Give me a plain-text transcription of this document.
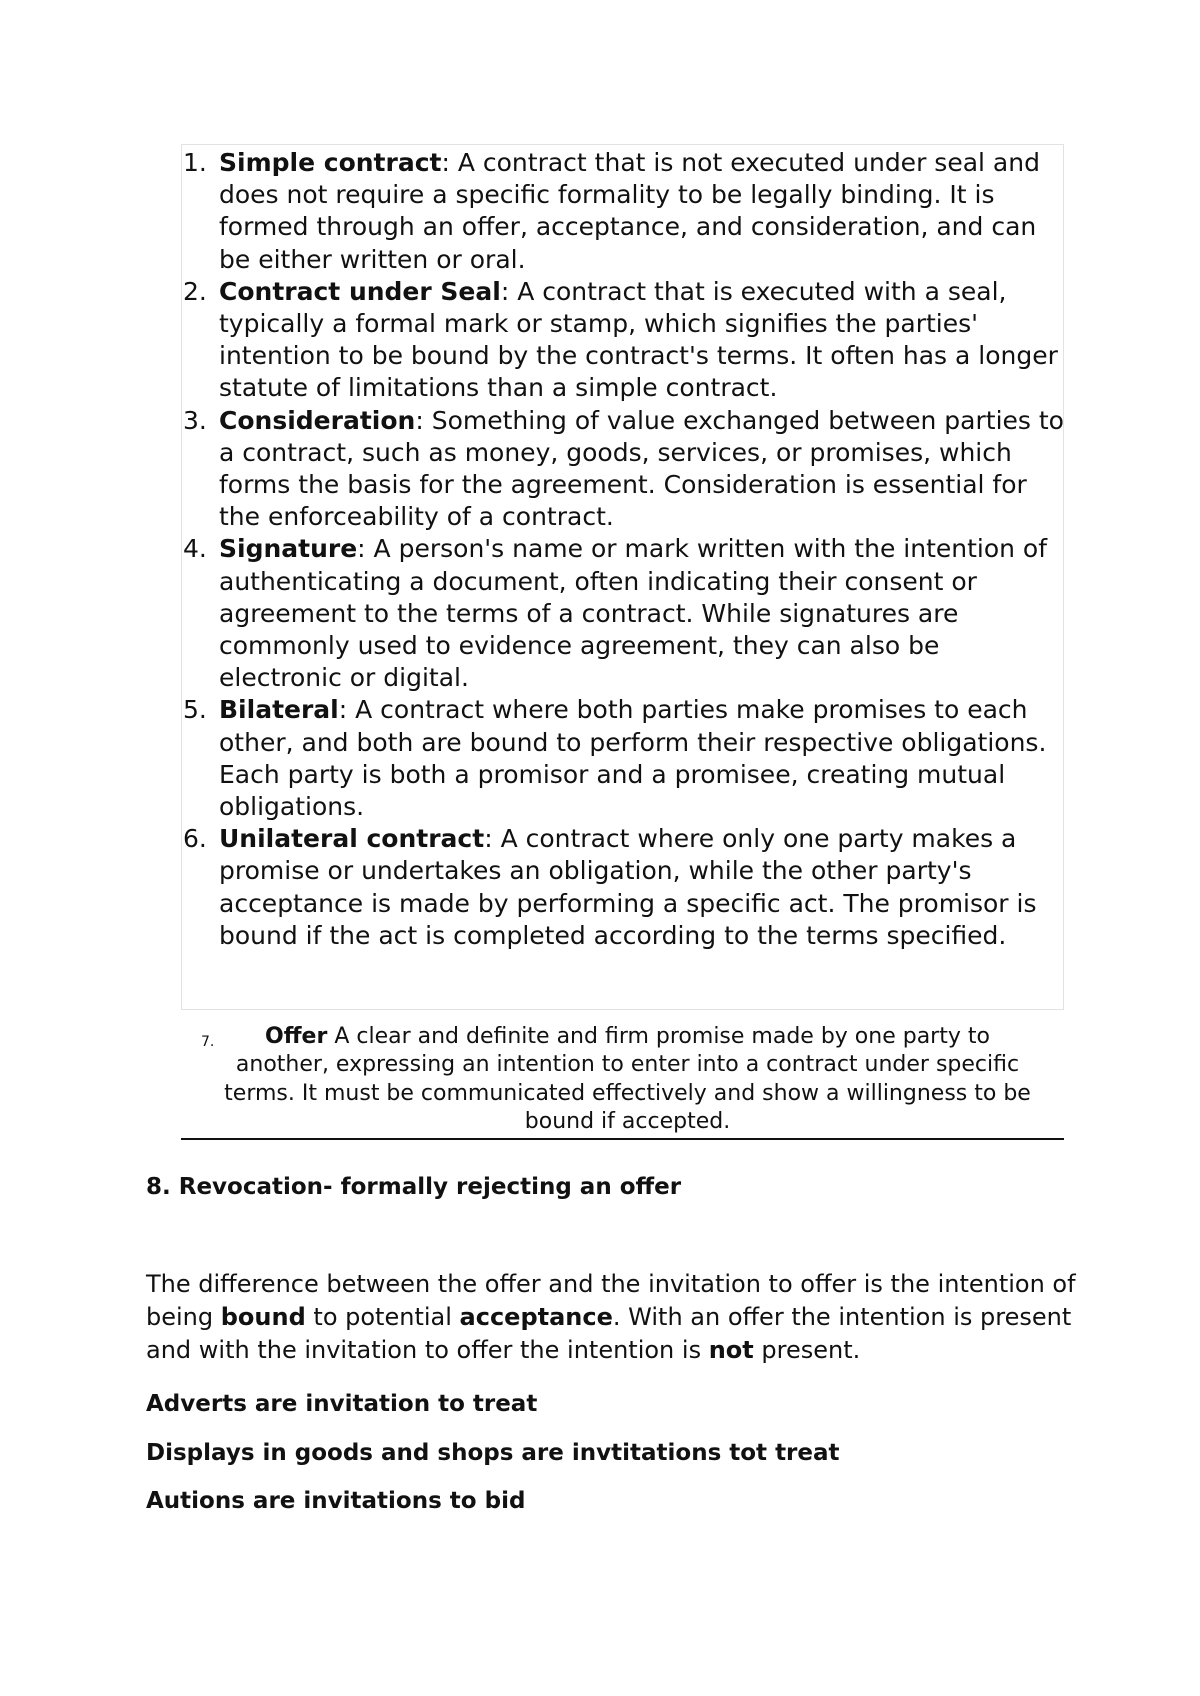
1. Simple contract: A contract that is not executed under seal and does not require a specific formality to be legally binding. It is formed through an offer, acceptance, and consideration, and can be either written or oral.
2. Contract under Seal: A contract that is executed with a seal, typically a formal mark or stamp, which signifies the parties' intention to be bound by the contract's terms. It often has a longer statute of limitations than a simple contract.
3. Consideration: Something of value exchanged between parties to a contract, such as money, goods, services, or promises, which forms the basis for the agreement. Consideration is essential for the enforceability of a contract.
4. Signature: A person's name or mark written with the intention of authenticating a document, often indicating their consent or agreement to the terms of a contract. While signatures are commonly used to evidence agreement, they can also be electronic or digital.
5. Bilateral: A contract where both parties make promises to each other, and both are bound to perform their respective obligations. Each party is both a promisor and a promisee, creating mutual obligations.
6. Unilateral contract: A contract where only one party makes a promise or undertakes an obligation, while the other party's acceptance is made by performing a specific act. The promisor is bound if the act is completed according to the terms specified.
7.	Offer A clear and definite and firm promise made by one party to another, expressing an intention to enter into a contract under specific terms. It must be communicated effectively and show a willingness to be bound if accepted.
8. Revocation- formally rejecting an offer

The difference between the offer and the invitation to offer is the intention of being bound to potential acceptance. With an offer the intention is present and with the invitation to offer the intention is not present.

Adverts are invitation to treat
Displays in goods and shops are invtitations tot treat
Autions are invitations to bid
